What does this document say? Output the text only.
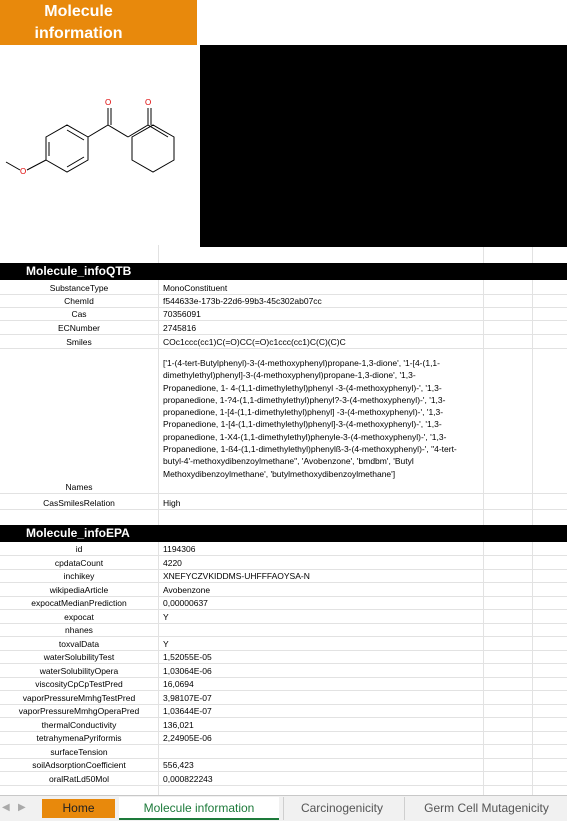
Molecule
information
O	O
O
Molecule_infoQTB
SubstanceType	MonoConstituent
ChemId	f544633e-173b-22d6-99b3-45c302ab07cc
Cas	70356091
ECNumber	2745816
Smiles	COc1ccc(cc1)C(=O)CC(=O)c1ccc(cc1)C(C)(C)C
Names
['1-(4-tert-Butylphenyl)-3-(4-methoxyphenyl)propane-1,3-dione', '1-[4-(1,1-dimethylethyl)phenyl]-3-(4-methoxyphenyl)propane-1,3-dione', '1,3-Propanedione, 1- 4-(1,1-dimethylethyl)phenyl -3-(4-methoxyphenyl)-', '1,3-propanedione, 1-?4-(1,1-dimethylethyl)phenyl?-3-(4-methoxyphenyl)-', '1,3-propanedione, 1-[4-(1,1-dimethylethyl)phenyl] -3-(4-methoxyphenyl)-', '1,3-Propanedione, 1-[4-(1,1-dimethylethyl)phenyl]-3-(4-methoxyphenyl)-', '1,3-propanedione, 1-X4-(1,1-dimethylethyl)phenyle-3-(4-methoxyphenyl)-', '1,3-Propanedione, 1-ß4-(1,1-dimethylethyl)phenylß-3-(4-methoxyphenyl)-', "4-tert-butyl-4'-methoxydibenzoylmethane", 'Avobenzone', 'bmdbm', 'Butyl Methoxydibenzoylmethane', 'butylmethoxydibenzoylmethane']
CasSmilesRelation	High
Molecule_infoEPA
id	1194306
cpdataCount	4220
inchikey	XNEFYCZVKIDDMS-UHFFFAOYSA-N
wikipediaArticle	Avobenzone
expocatMedianPrediction	0,00000637
expocat	Y
nhanes
toxvalData	Y
waterSolubilityTest	1,52055E-05
waterSolubilityOpera	1,03064E-06
viscosityCpCpTestPred	16,0694
vaporPressureMmhgTestPred	3,98107E-07
vaporPressureMmhgOperaPred	1,03644E-07
thermalConductivity	136,021
tetrahymenaPyriformis	2,24905E-06
surfaceTension
soilAdsorptionCoefficient	556,423
oralRatLd50Mol	0,000822243
◀ ▶	Home	Molecule information	Carcinogenicity	Germ Cell Mutagenicity
